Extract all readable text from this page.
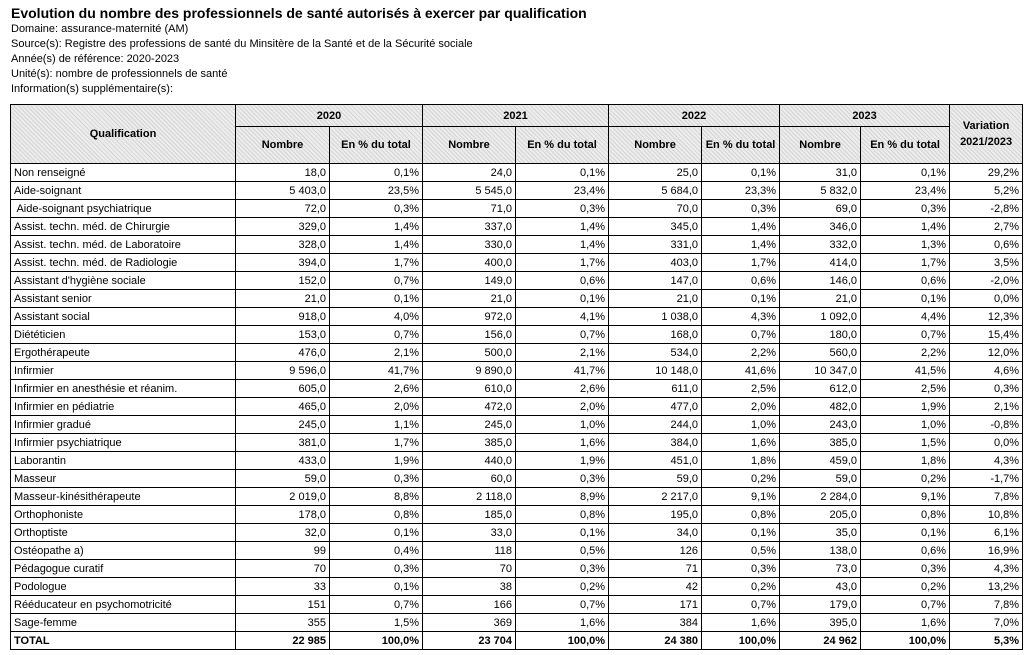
Evolution du nombre des professionnels de santé autorisés à exercer par qualification
Domaine: assurance-maternité (AM)
Source(s): Registre des professions de santé du Minsitère de la Santé et de la Sécurité sociale
Année(s) de référence: 2020-2023
Unité(s): nombre de professionnels de santé
Information(s) supplémentaire(s):
Qualification	2020		2021		2022		2023		Variation 2021/2023
	Nombre	En % du total	Nombre	En % du total	Nombre	En % du total	Nombre	En % du total	
Non renseigné	18,0	0,1%	24,0	0,1%	25,0	0,1%	31,0	0,1%	29,2%
Aide-soignant	5 403,0	23,5%	5 545,0	23,4%	5 684,0	23,3%	5 832,0	23,4%	5,2%
Aide-soignant psychiatrique	72,0	0,3%	71,0	0,3%	70,0	0,3%	69,0	0,3%	-2,8%
Assist. techn. méd. de Chirurgie	329,0	1,4%	337,0	1,4%	345,0	1,4%	346,0	1,4%	2,7%
Assist. techn. méd. de Laboratoire	328,0	1,4%	330,0	1,4%	331,0	1,4%	332,0	1,3%	0,6%
Assist. techn. méd. de Radiologie	394,0	1,7%	400,0	1,7%	403,0	1,7%	414,0	1,7%	3,5%
Assistant d'hygiène sociale	152,0	0,7%	149,0	0,6%	147,0	0,6%	146,0	0,6%	-2,0%
Assistant senior	21,0	0,1%	21,0	0,1%	21,0	0,1%	21,0	0,1%	0,0%
Assistant social	918,0	4,0%	972,0	4,1%	1 038,0	4,3%	1 092,0	4,4%	12,3%
Diététicien	153,0	0,7%	156,0	0,7%	168,0	0,7%	180,0	0,7%	15,4%
Ergothérapeute	476,0	2,1%	500,0	2,1%	534,0	2,2%	560,0	2,2%	12,0%
Infirmier	9 596,0	41,7%	9 890,0	41,7%	10 148,0	41,6%	10 347,0	41,5%	4,6%
Infirmier en anesthésie et réanim.	605,0	2,6%	610,0	2,6%	611,0	2,5%	612,0	2,5%	0,3%
Infirmier en pédiatrie	465,0	2,0%	472,0	2,0%	477,0	2,0%	482,0	1,9%	2,1%
Infirmier gradué	245,0	1,1%	245,0	1,0%	244,0	1,0%	243,0	1,0%	-0,8%
Infirmier psychiatrique	381,0	1,7%	385,0	1,6%	384,0	1,6%	385,0	1,5%	0,0%
Laborantin	433,0	1,9%	440,0	1,9%	451,0	1,8%	459,0	1,8%	4,3%
Masseur	59,0	0,3%	60,0	0,3%	59,0	0,2%	59,0	0,2%	-1,7%
Masseur-kinésithérapeute	2 019,0	8,8%	2 118,0	8,9%	2 217,0	9,1%	2 284,0	9,1%	7,8%
Orthophoniste	178,0	0,8%	185,0	0,8%	195,0	0,8%	205,0	0,8%	10,8%
Orthoptiste	32,0	0,1%	33,0	0,1%	34,0	0,1%	35,0	0,1%	6,1%
Ostéopathe a)	99	0,4%	118	0,5%	126	0,5%	138,0	0,6%	16,9%
Pédagogue curatif	70	0,3%	70	0,3%	71	0,3%	73,0	0,3%	4,3%
Podologue	33	0,1%	38	0,2%	42	0,2%	43,0	0,2%	13,2%
Rééducateur en psychomotricité	151	0,7%	166	0,7%	171	0,7%	179,0	0,7%	7,8%
Sage-femme	355	1,5%	369	1,6%	384	1,6%	395,0	1,6%	7,0%
TOTAL	22 985	100,0%	23 704	100,0%	24 380	100,0%	24 962	100,0%	5,3%
